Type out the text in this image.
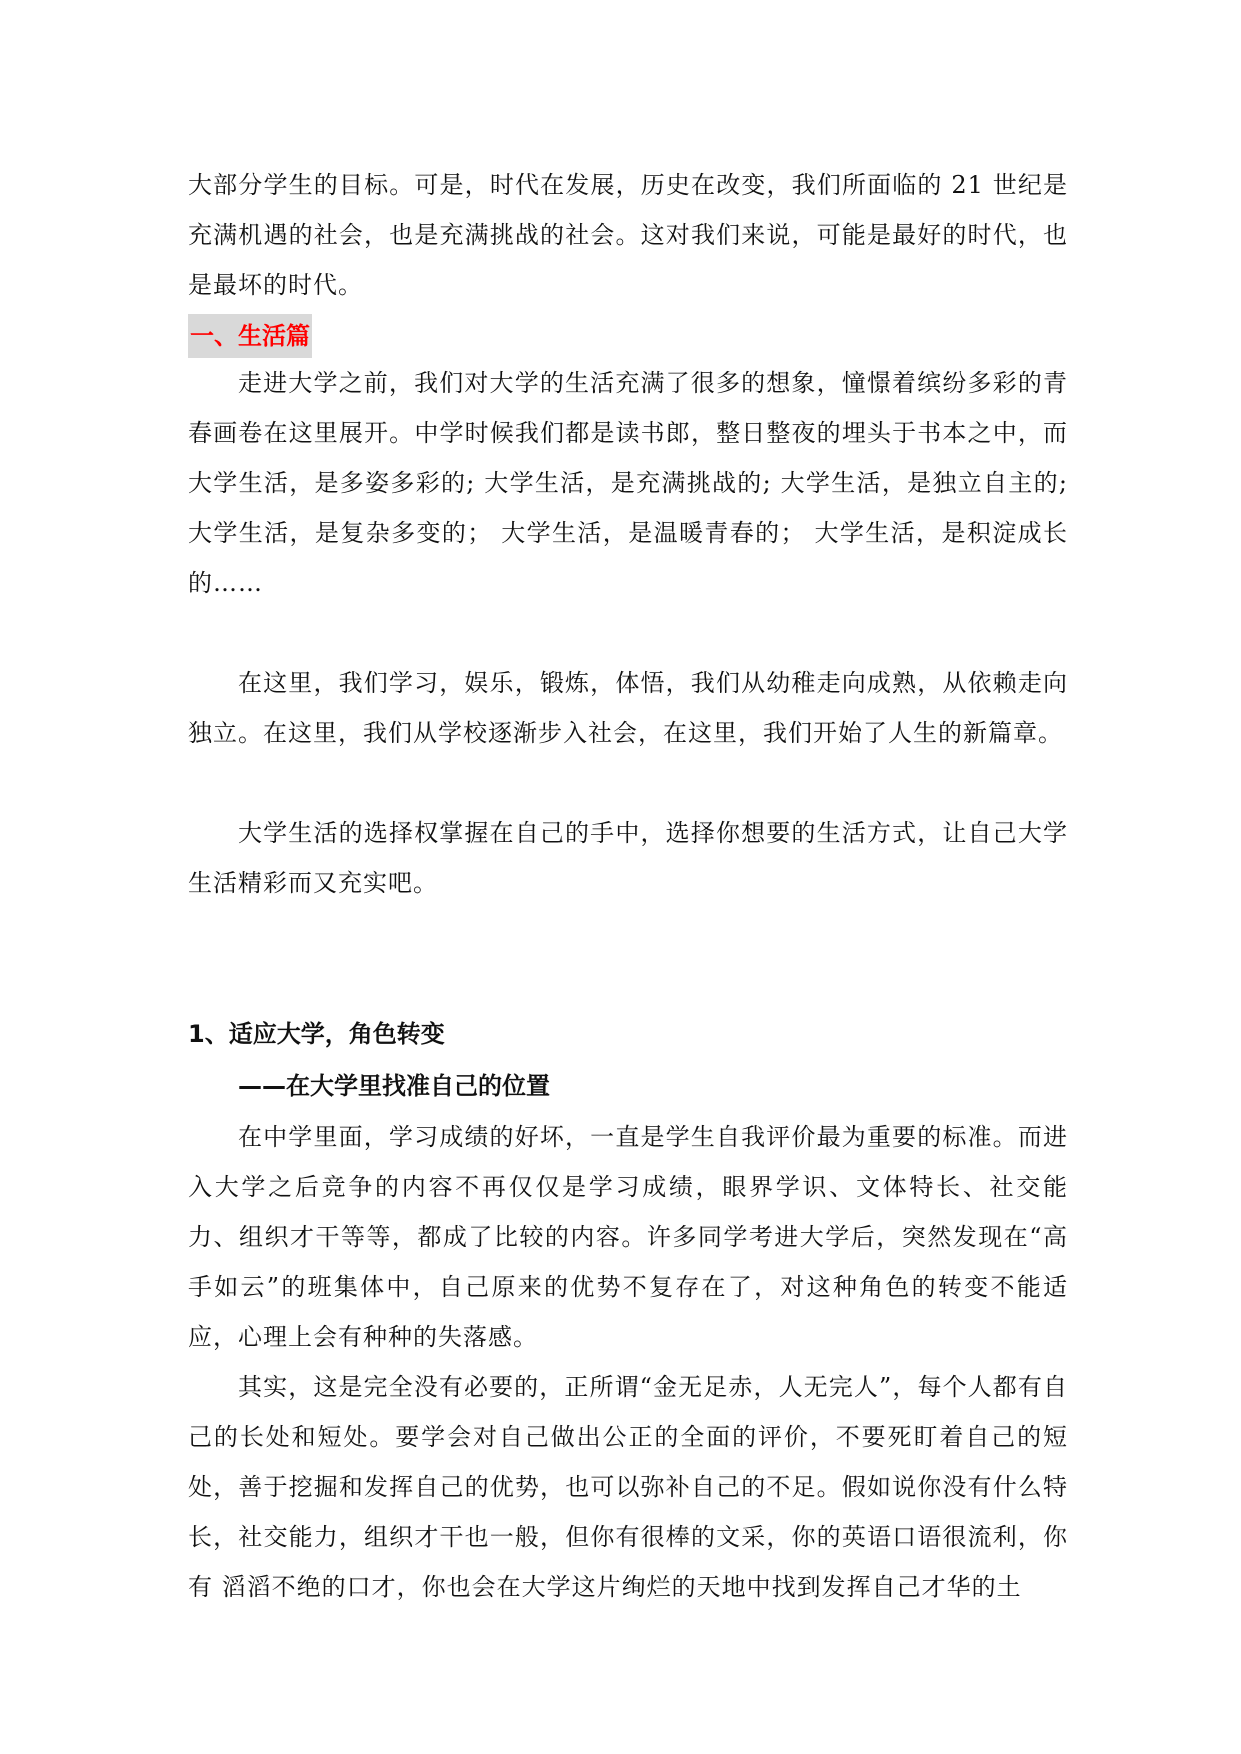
大部分学生的目标。可是，时代在发展，历史在改变，我们所面临的 21 世纪是充满机遇的社会，也是充满挑战的社会。这对我们来说，可能是最好的时代，也是最坏的时代。

一、生活篇

走进大学之前，我们对大学的生活充满了很多的想象，憧憬着缤纷多彩的青春画卷在这里展开。中学时候我们都是读书郎，整日整夜的埋头于书本之中，而大学生活，是多姿多彩的; 大学生活，是充满挑战的; 大学生活，是独立自主的; 大学生活，是复杂多变的； 大学生活，是温暖青春的； 大学生活，是积淀成长的……

在这里，我们学习，娱乐，锻炼，体悟，我们从幼稚走向成熟，从依赖走向独立。在这里，我们从学校逐渐步入社会，在这里，我们开始了人生的新篇章。

大学生活的选择权掌握在自己的手中，选择你想要的生活方式，让自己大学生活精彩而又充实吧。

1、适应大学，角色转变

——在大学里找准自己的位置

在中学里面，学习成绩的好坏，一直是学生自我评价最为重要的标准。而进入大学之后竞争的内容不再仅仅是学习成绩，眼界学识、文体特长、社交能 力、组织才干等等，都成了比较的内容。许多同学考进大学后，突然发现在“高手如云”的班集体中，自己原来的优势不复存在了，对这种角色的转变不能适应，心理上会有种种的失落感。

其实，这是完全没有必要的，正所谓“金无足赤，人无完人”，每个人都有自己的长处和短处。要学会对自己做出公正的全面的评价，不要死盯着自己的短处，善于挖掘和发挥自己的优势，也可以弥补自己的不足。假如说你没有什么特长，社交能力，组织才干也一般，但你有很棒的文采，你的英语口语很流利，你有 滔滔不绝的口才，你也会在大学这片绚烂的天地中找到发挥自己才华的土
